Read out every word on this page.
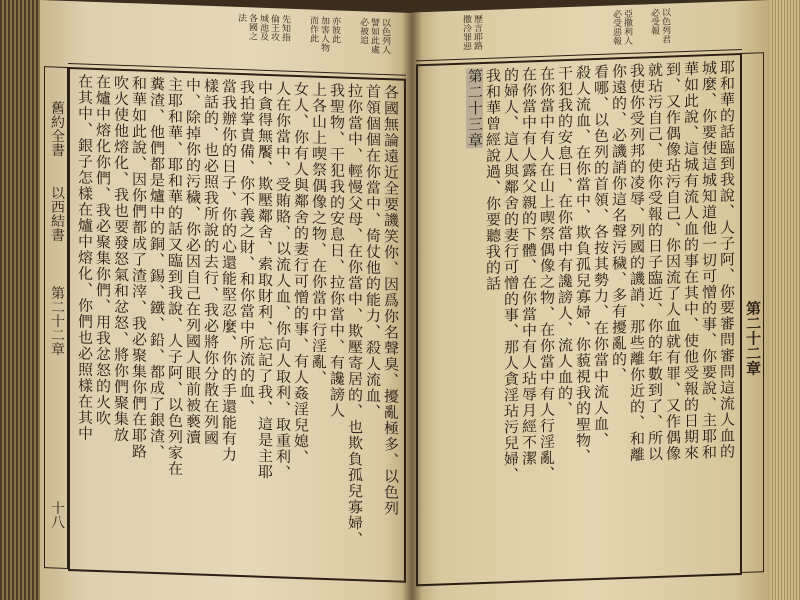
以色列人
譬如此處
必被追
亦彼此
加害人物
而作此
先知指
倫王攻
城池及
各國之
法
舊約全書
以西結書
第二十二章
十八	各國無論遠近全要譏笑你、因爲你名聲臭、擾亂極多、以色列
首領個個在你當中、倚仗他的能力、殺人流血、
拉你當中、輕慢父母、在你當中、欺壓寄居的、也欺負孤兒寡婦、
我聖物、干犯我的安息日、拉你當中、有讒謗人
上各山上喫祭偶像之物、在你當中行淫亂、
女人、你有人與鄰舍的妻行可憎的事、有人姦淫兒媳、
人在你當中、受賄賂、以流人血、你向人取利、取重利、
中貪得無饜、欺壓鄰舍、索取財利、忘記了我、這是主耶
我拍掌責備、你不義之財、和你當中所流的血、
當我辦你的日子、你的心還能堅忍麼、你的手還能有力
樣話的、也必照我所說的去行、我必將你分散在列國
中、除掉你的污穢、你必因自己在列國人眼前被褻瀆
主耶和華、耶和華的話又臨到我說、人子阿、以色列家在
糞渣、他們都是爐中的銅、錫、鐵、鉛、都成了銀渣、
和華如此說、因你們都成了渣滓、我必聚集你們在耶路
吹火使他熔化、我也要發怒氣和忿怒、將你們聚集放
在爐中熔化你們、我必聚集你們、用我忿怒的火吹
在其中、銀子怎樣在爐中熔化、你們也必照樣在其中
以色列君
必受報
亞撒利人
必受惡報
歷言耶路
撒冷罪惡
第二十二章
耶和華的話臨到我說、人子阿、你要審問審問這流人血的
城麼、你要使這城知道他一切可憎的事、你要說、主耶和
華如此說、這城有流人血的事在其中、使他受報的日期來
到、又作偶像玷污自己、你因流了人血就有罪、又作偶像
就玷污自己、使你受報的日子臨近、你的年數到了、所以
我使你受列邦的凌辱、列國的譏誚、那些離你近的、和離
你遠的、必譏誚你這名聲污穢、多有擾亂的、
看哪、以色列的首領、各按其勢力、在你當中流人血、
殺人流血、在你當中、欺負孤兒寡婦、你藐視我的聖物、
干犯我的安息日、在你當中有讒謗人、流人血的、
在你當中有人在山上喫祭偶像之物、在你當中有人行淫亂、
在你當中有人露父親的下體、在你當中有人玷辱月經不潔
的婦人、這人與鄰舍的妻行可憎的事、那人貪淫玷污兒婦、
我和華曾經說過、你要聽我的話
第二十三章
